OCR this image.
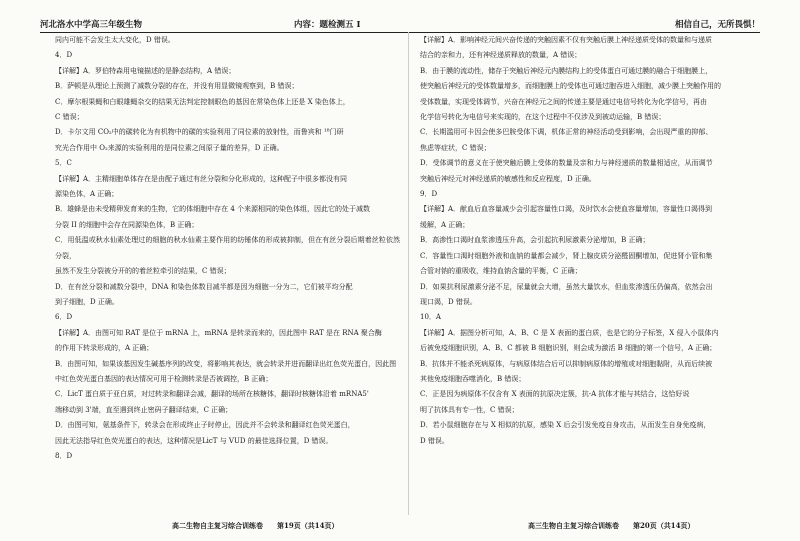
河北洛水中学高三年级生物	内容：题检测五 I	相信自己，无所畏惧！

同内可能不会发生太大变化，D 错误。

4．D

【详解】A．罗伯特森用电镜描述的是静态结构，A 错误；

B．萨顿是从理论上预测了减数分裂的存在，并没有用显微镜观察到，B 错误；

C．摩尔根果蝇和白眼雄蝇杂交的结果无法判定控制眼色的基因在常染色体上还是 X 染色体上，

C 错误；

D．卡尔文用 CO₂中的碳转化为有机物中的碳的实验利用了同位素的放射性，而鲁宾和 ¹⁸门研

究光合作用中 O₂来源的实验利用的是同位素之间原子量的差异，D 正确。

5．C

【详解】A．主精细胞单体存在是由配子通过有丝分裂和分化形成的，这种配子中很多都没有同

源染色体，A 正确；

B．雄蜂是由未受精卵发育来的生物，它的体细胞中存在 4 个来源相同的染色体组，因此它的处于减数

分裂 II 的细胞中会存在同源染色体，B 正确；

C．用低温或秋水仙素处理过的细胞的秋水仙素主要作用的纺锤体的形成被抑制，但在有丝分裂后期着丝粒依然分裂，

虽然不发生分裂被分开的的着丝粒牵引的结果，C 错误；

D．在有丝分裂和减数分裂中，DNA 和染色体数目减半都是因为细胞一分为二，它们被平均分配

到子细胞，D 正确。

6．D

【详解】A．由图可知 RAT 是位于 mRNA 上，mRNA 是转录而来的，因此图中 RAT 是在 RNA 聚合酶

的作用下转录形成的，A 正确；

B．由图可知，如果该基因发生碱基序列的改变，将影响其表达，就会转录并进而翻译出红色荧光蛋白，因此图

中红色荧光蛋白基因的表达情况可用于检测转录是否被调控，B 正确；

C．LicT 蛋白质于亚白质，对过转录和翻译会减，翻译的场所在核糖体，翻译时核糖体沿着 mRNA5'

端移动到 3'端，直至遇到终止密码子翻译结束，C 正确；

D．由图可知，氨基条件下，转录会在形成终止子时停止，因此并不会转录和翻译红色荧光蛋白，

因此无法指导红色荧光蛋白的表达，这种情况是LicT 与 VUD 的最佳选择位置，D 错误。

8．D

【详解】A．影响神经元间兴奋传递的突触因素不仅有突触后膜上神经递质受体的数量和与递质

结合的亲和力，还有神经递质释放的数量，A 错误；

B．由于膜的流动性，储存于突触后神经元内膜结构上的受体蛋白可通过膜的融合于细胞膜上，

使突触后神经元的受体数量增多，而细胞膜上的受体也可通过胞吞进入细胞，减少膜上突触作用的

受体数量，实现受体调节，兴奋在神经元之间的传递主要是通过电信号转化为化学信号，再由

化学信号转化为电信号来实现的，在这个过程中不仅涉及到被动运输，B 错误；

C．长期滥用可卡因会使多巴胺受体下调，机体正常的神经活动受到影响，会出现严重的抑郁、

焦虑等症状，C 错误；

D．受体调节的意义在于使突触后膜上受体的数量及亲和力与神经递质的数量相适应，从而调节

突触后神经元对神经递质的敏感性和反应程度，D 正确。

9．D

【详解】A．献血后血容量减少会引起容量性口渴，及时饮水会使血容量增加，容量性口渴得到

缓解，A 正确；

B．高渗性口渴时血浆渗透压升高，会引起抗利尿激素分泌增加，B 正确；

C．容量性口渴时细胞外液和血钠的量都会减少，肾上腺皮质分泌醛固酮增加，促进肾小管和集

合管对钠的重吸收，维持血钠含量的平衡，C 正确；

D．如果抗利尿激素分泌不足，尿量就会大增，虽然大量饮水，但血浆渗透压仍偏高，依然会出

现口渴，D 错误。

10．A

【详解】A．据图分析可知，A、B、C 是 X 表面的蛋白质，也是它的分子标签，X 侵入小鼠体内

后被免疫细胞识别，A、B、C 都被 B 细胞识别，则会成为激活 B 细胞的第一个信号，A 正确；

B．抗体并不能杀死病原体，与病原体结合后可以抑制病原体的增殖或对细胞黏附，从而后续被

其他免疫细胞吞噬消化，B 错误；

C．正是因为病原体不仅含有 X 表面的抗原决定簇，抗-A 抗体才能与其结合，这恰好说

明了抗体具有专一性，C 错误；

D．若小鼠细胞存在与 X 相似的抗原，感染 X 后会引发免疫自身攻击，从而发生自身免疫病，

D 错误。

高二生物自主复习综合训练卷　　第19页（共14页）	高三生物自主复习综合训练卷　　第20页（共14页）
